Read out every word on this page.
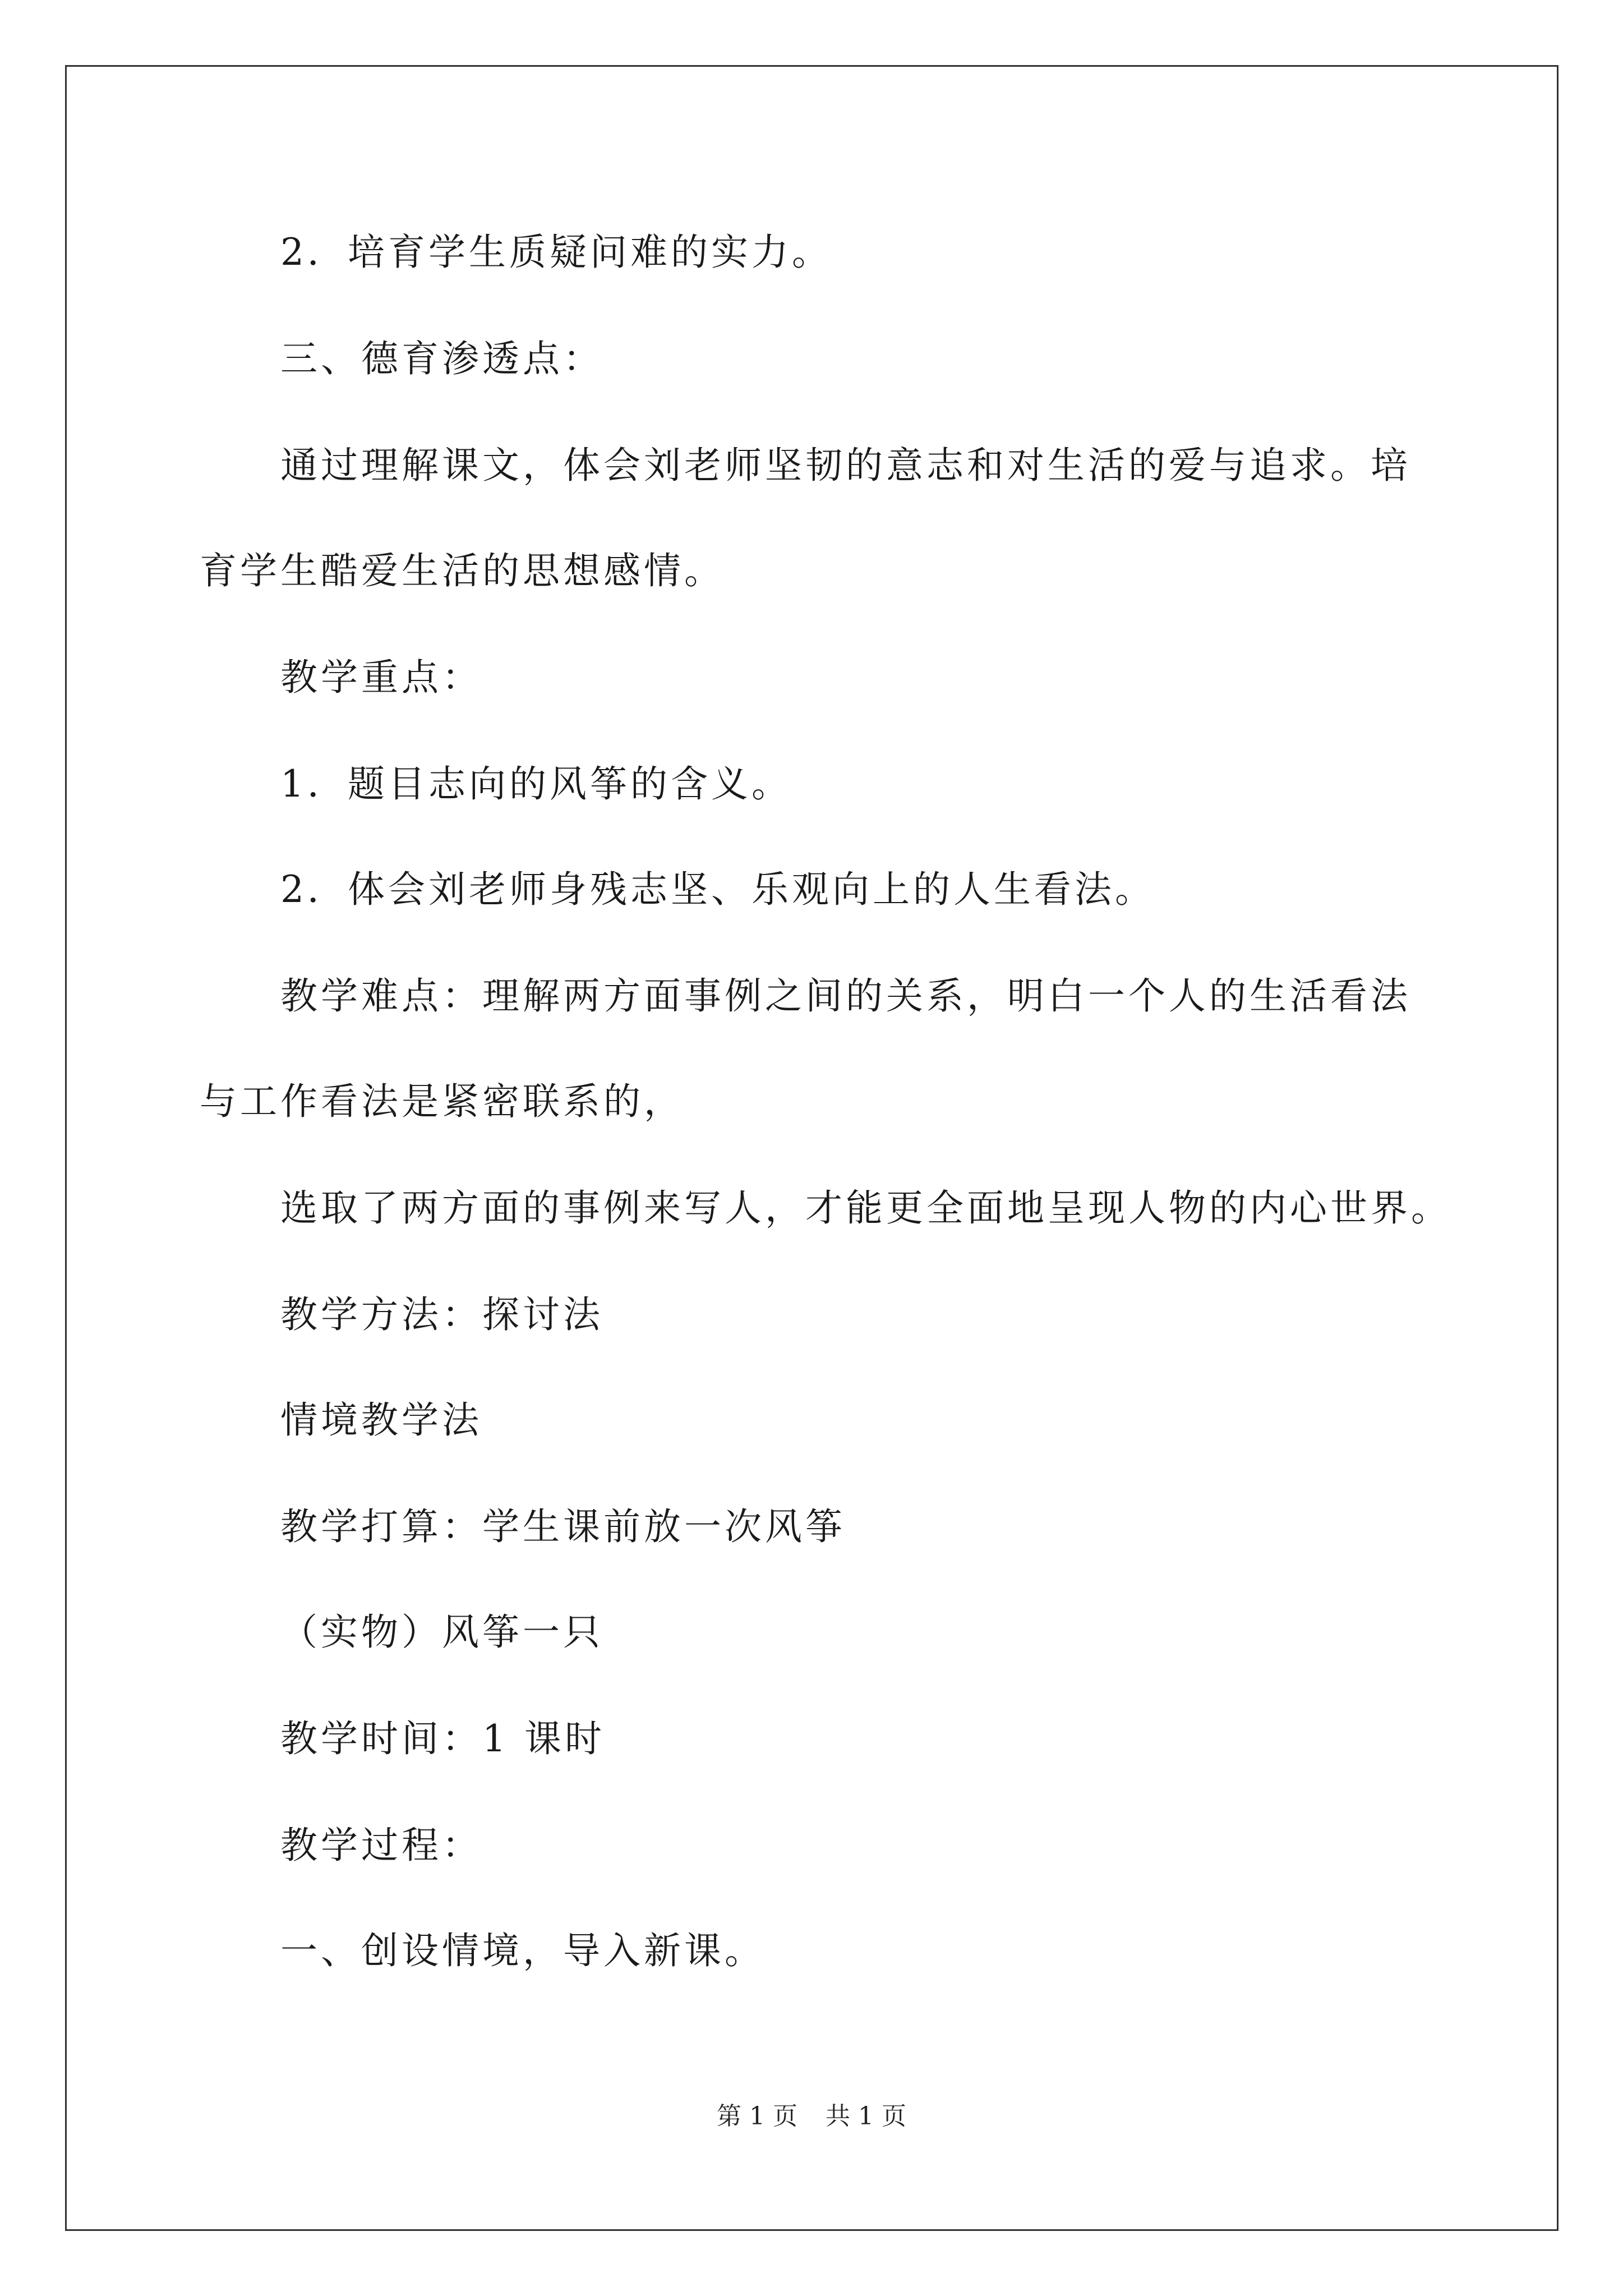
2．培育学生质疑问难的实力。
三、德育渗透点：
通过理解课文，体会刘老师坚韧的意志和对生活的爱与追求。培
育学生酷爱生活的思想感情。
教学重点：
1．题目志向的风筝的含义。
2．体会刘老师身残志坚、乐观向上的人生看法。
教学难点：理解两方面事例之间的关系，明白一个人的生活看法
与工作看法是紧密联系的，
选取了两方面的事例来写人，才能更全面地呈现人物的内心世界。
教学方法：探讨法
情境教学法
教学打算：学生课前放一次风筝
（实物）风筝一只
教学时间：1 课时
教学过程：
一、创设情境，导入新课。
第 1 页 共 1 页
